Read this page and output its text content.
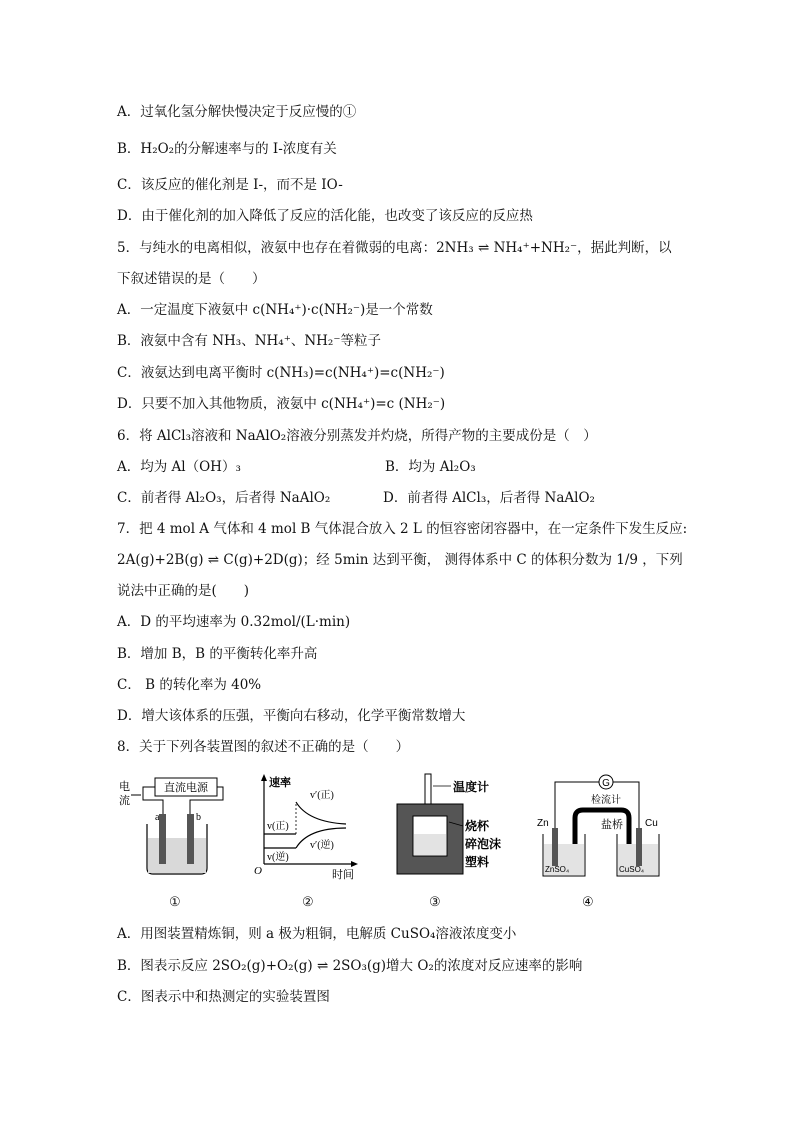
A．过氧化氢分解快慢决定于反应慢的①
B．H₂O₂的分解速率与的 I-浓度有关
C．该反应的催化剂是 I-，而不是 IO-
D．由于催化剂的加入降低了反应的活化能，也改变了该反应的反应热
5．与纯水的电离相似，液氨中也存在着微弱的电离：2NH₃ ⇌ NH₄⁺+NH₂⁻，据此判断，以
下叙述错误的是（　　）
A．一定温度下液氨中 c(NH₄⁺)·c(NH₂⁻)是一个常数
B．液氨中含有 NH₃、NH₄⁺、NH₂⁻等粒子
C．液氨达到电离平衡时 c(NH₃)=c(NH₄⁺)=c(NH₂⁻)
D．只要不加入其他物质，液氨中 c(NH₄⁺)=c (NH₂⁻)
6．将 AlCl₃溶液和 NaAlO₂溶液分别蒸发并灼烧，所得产物的主要成份是（　）
A．均为 Al（OH）₃	B．均为 Al₂O₃
C．前者得 Al₂O₃，后者得 NaAlO₂	D．前者得 AlCl₃，后者得 NaAlO₂
7．把 4 mol A 气体和 4 mol B 气体混合放入 2 L 的恒容密闭容器中，在一定条件下发生反应:
2A(g)+2B(g) ⇌ C(g)+2D(g)；经 5min 达到平衡， 测得体系中 C 的体积分数为 1/9 ，下列
说法中正确的是(　　)
A．D 的平均速率为 0.32mol/(L·min)
B．增加 B，B 的平衡转化率升高
C． B 的转化率为 40%
D．增大该体系的压强，平衡向右移动，化学平衡常数增大
8．关于下列各装置图的叙述不正确的是（　　）
A．用图装置精炼铜，则 a 极为粗铜，电解质 CuSO₄溶液浓度变小
B．图表示反应 2SO₂(g)+O₂(g) ⇌ 2SO₃(g)增大 O₂的浓度对反应速率的影响
C．图表示中和热测定的实验装置图
电
流
直流电源
a	b
速率
时间
O
v′(正)
v′(逆)
v(正)
v(逆)
温度计
烧杯
碎泡沫
塑料
G
检流计
盐桥
Zn	Cu
ZnSO₄	CuSO₄
①	②	③	④
